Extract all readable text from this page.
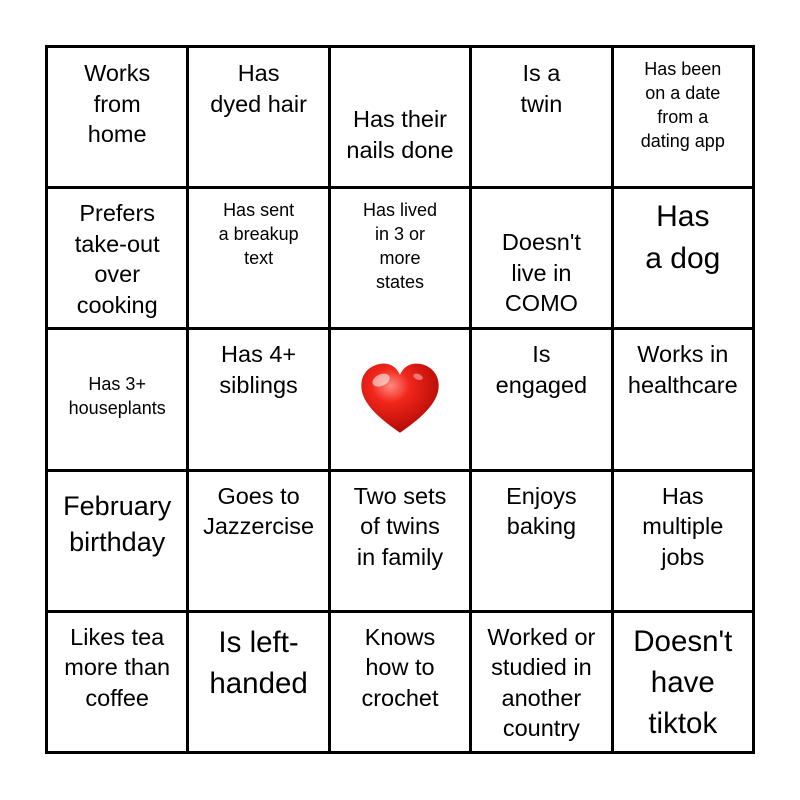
Works
from
home
Has
dyed hair
Has their
nails done
Is a
twin
Has been
on a date
from a
dating app
Prefers
take-out
over
cooking
Has sent
a breakup
text
Has lived
in 3 or
more
states
Doesn't
live in
COMO
Has
a dog
Has 3+
houseplants
Has 4+
siblings
Is
engaged
Works in
healthcare
February
birthday
Goes to
Jazzercise
Two sets
of twins
in family
Enjoys
baking
Has
multiple
jobs
Likes tea
more than
coffee
Is left-
handed
Knows
how to
crochet
Worked or
studied in
another
country
Doesn't
have
tiktok
